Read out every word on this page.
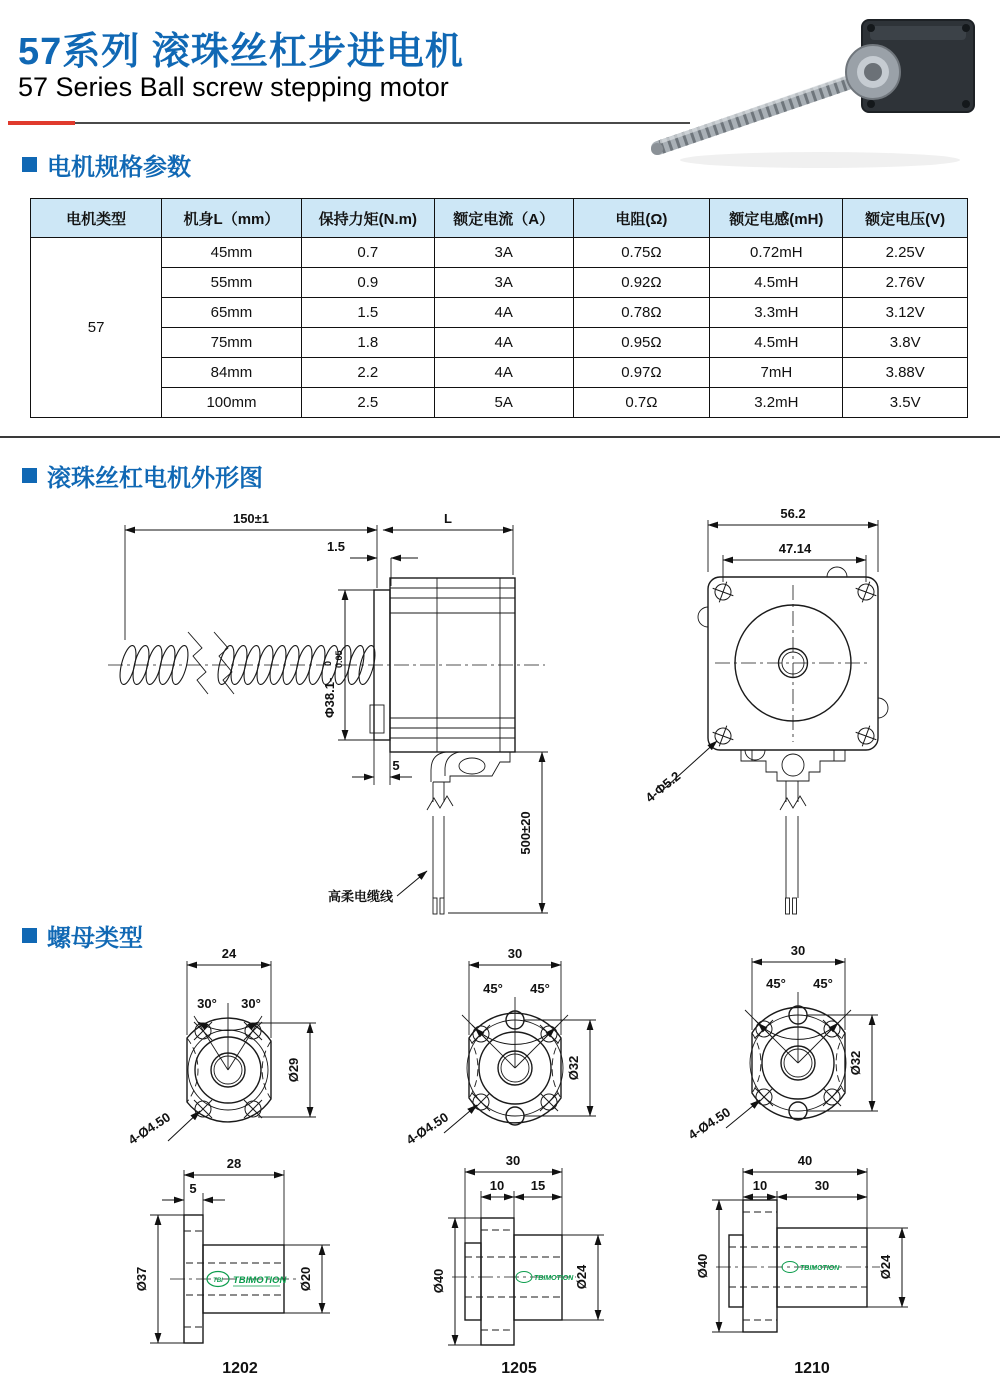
57系列 滚珠丝杠步进电机
57 Series Ball screw stepping motor
电机规格参数
电机类型	机身L（mm）	保持力矩(N.m)	额定电流（A）	电阻(Ω)	额定电感(mH)	额定电压(V)
57	45mm	0.7	3A	0.75Ω	0.72mH	2.25V
	55mm	0.9	3A	0.92Ω	4.5mH	2.76V
	65mm	1.5	4A	0.78Ω	3.3mH	3.12V
	75mm	1.8	4A	0.95Ω	4.5mH	3.8V
	84mm	2.2	4A	0.97Ω	7mH	3.88V
	100mm	2.5	5A	0.7Ω	3.2mH	3.5V
滚珠丝杠电机外形图
150±1	L
1.5
Φ38.1-
0 0.05
5
500±20
高柔电缆线
56.2
47.14
4-Φ5.2
螺母类型
30° 30°
24
Ø29
4-Ø4.50
28
5
Ø37	Ø20
TBI TBIMOTION
1202
45° 45°
30
Ø32
4-Ø4.50
30
10 15
Ø40	Ø24
TBIMOTION
1205
45° 45°
30
Ø32
4-Ø4.50
40
10	30
Ø40	Ø24
TBIMOTION
1210
